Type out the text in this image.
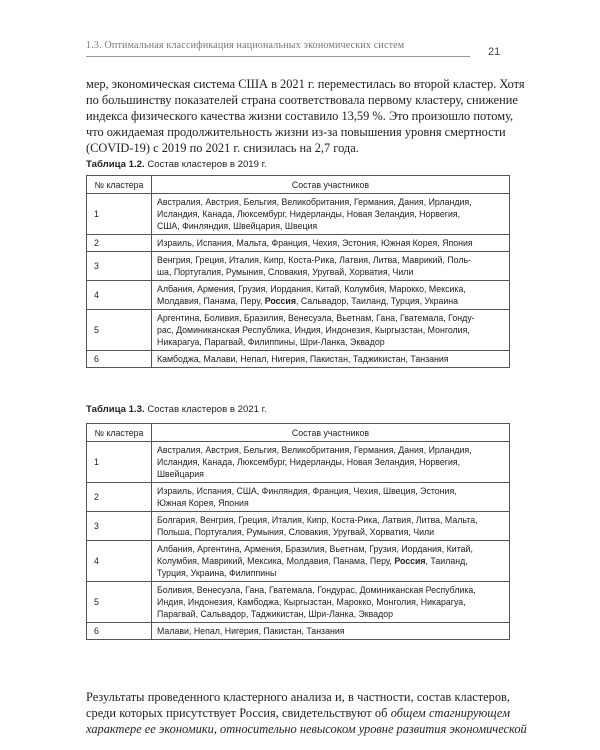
1.3. Оптимальная классификация национальных экономических систем
21
мер, экономическая система США в 2021 г. переместилась во второй кластер. Хотя
по большинству показателей страна соответствовала первому кластеру, снижение
индекса физического качества жизни составило 13,59 %. Это произошло потому,
что ожидаемая продолжительность жизни из-за повышения уровня смертности
(COVID-19) с 2019 по 2021 г. снизилась на 2,7 года.
Таблица 1.2. Состав кластеров в 2019 г.
№ кластера	Состав участников
1	Австралия, Австрия, Бельгия, Великобритания, Германия, Дания, Ирландия,
Исландия, Канада, Люксембург, Нидерланды, Новая Зеландия, Норвегия,
США, Финляндия, Швейцария, Швеция

2	Израиль, Испания, Мальта, Франция, Чехия, Эстония, Южная Корея, Япония

3	Венгрия, Греция, Италия, Кипр, Коста-Рика, Латвия, Литва, Маврикий, Поль-
ша, Португалия, Румыния, Словакия, Уругвай, Хорватия, Чили

4	Албания, Армения, Грузия, Иордания, Китай, Колумбия, Марокко, Мексика,
Молдавия, Панама, Перу, Россия, Сальвадор, Таиланд, Турция, Украина

5	Аргентина, Боливия, Бразилия, Венесуэла, Вьетнам, Гана, Гватемала, Гонду-
рас, Доминиканская Республика, Индия, Индонезия, Кыргызстан, Монголия,
Никарагуа, Парагвай, Филиппины, Шри-Ланка, Эквадор

6	Камбоджа, Малави, Непал, Нигерия, Пакистан, Таджикистан, Танзания
Таблица 1.3. Состав кластеров в 2021 г.
№ кластера	Состав участников
1	Австралия, Австрия, Бельгия, Великобритания, Германия, Дания, Ирландия,
Исландия, Канада, Люксембург, Нидерланды, Новая Зеландия, Норвегия,
Швейцария

2	Израиль, Испания, США, Финляндия, Франция, Чехия, Швеция, Эстония,
Южная Корея, Япония

3	Болгария, Венгрия, Греция, Италия, Кипр, Коста-Рика, Латвия, Литва, Мальта,
Польша, Португалия, Румыния, Словакия, Уругвай, Хорватия, Чили

4	Албания, Аргентина, Армения, Бразилия, Вьетнам, Грузия, Иордания, Китай,
Колумбия, Маврикий, Мексика, Молдавия, Панама, Перу, Россия, Таиланд,
Турция, Украина, Филиппины

5	Боливия, Венесуэла, Гана, Гватемала, Гондурас, Доминиканская Республика,
Индия, Индонезия, Камбоджа, Кыргызстан, Марокко, Монголия, Никарагуа,
Парагвай, Сальвадор, Таджикистан, Шри-Ланка, Эквадор

6	Малави, Непал, Нигерия, Пакистан, Танзания
Результаты проведенного кластерного анализа и, в частности, состав кластеров,
среди которых присутствует Россия, свидетельствуют об общем стагнирующем
характере ее экономики, относительно невысоком уровне развития экономической
